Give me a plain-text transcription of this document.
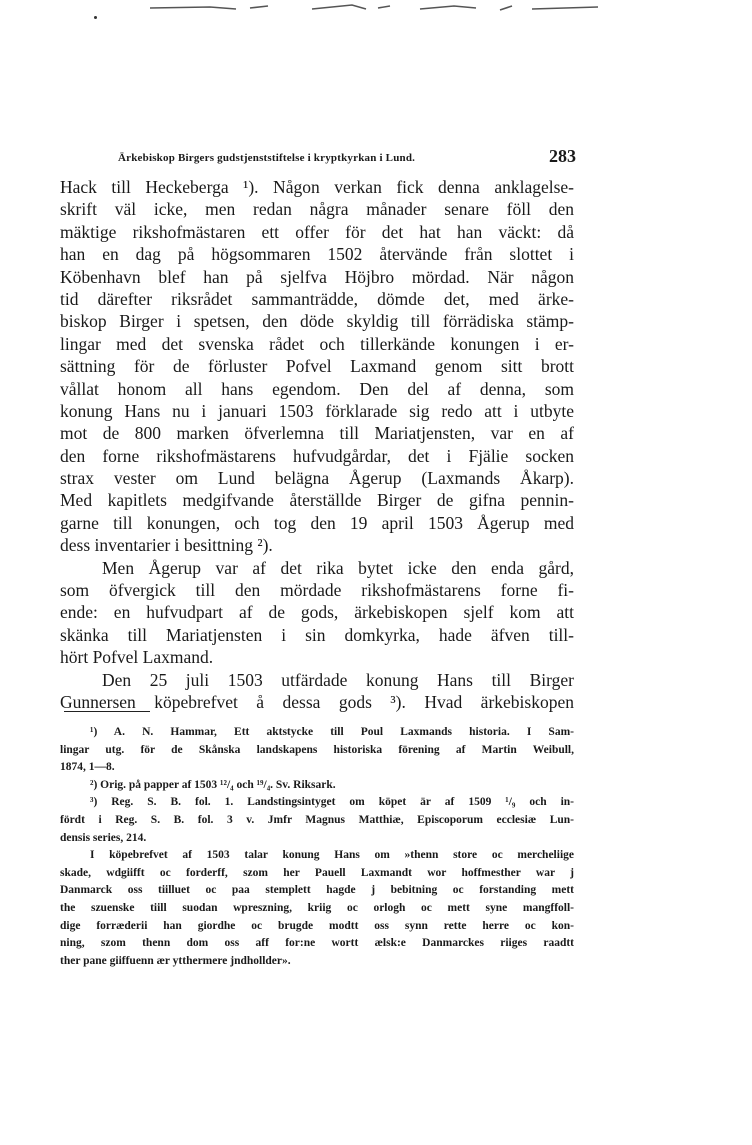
Ärkebiskop Birgers gudstjenststiftelse i kryptkyrkan i Lund.	283
Hack till Heckeberga ¹). Någon verkan fick denna anklagelse-
skrift väl icke, men redan några månader senare föll den
mäktige rikshofmästaren ett offer för det hat han väckt: då
han en dag på högsommaren 1502 återvände från slottet i
Köbenhavn blef han på sjelfva Höjbro mördad. När någon
tid därefter riksrådet sammanträdde, dömde det, med ärke-
biskop Birger i spetsen, den döde skyldig till förrädiska stämp-
lingar med det svenska rådet och tillerkände konungen i er-
sättning för de förluster Pofvel Laxmand genom sitt brott
vållat honom all hans egendom. Den del af denna, som
konung Hans nu i januari 1503 förklarade sig redo att i utbyte
mot de 800 marken öfverlemna till Mariatjensten, var en af
den forne rikshofmästarens hufvudgårdar, det i Fjälie socken
strax vester om Lund belägna Ågerup (Laxmands Åkarp).
Med kapitlets medgifvande återställde Birger de gifna pennin-
garne till konungen, och tog den 19 april 1503 Ågerup med
dess inventarier i besittning ²).
Men Ågerup var af det rika bytet icke den enda gård,
som öfvergick till den mördade rikshofmästarens forne fi-
ende: en hufvudpart af de gods, ärkebiskopen sjelf kom att
skänka till Mariatjensten i sin domkyrka, hade äfven till-
hört Pofvel Laxmand.
Den 25 juli 1503 utfärdade konung Hans till Birger
Gunnersen köpebrefvet å dessa gods ³). Hvad ärkebiskopen
¹) A. N. Hammar, Ett aktstycke till Poul Laxmands historia. I Sam-
lingar utg. för de Skånska landskapens historiska förening af Martin Weibull,
1874, 1—8.
²) Orig. på papper af 1503 ¹²/₄ och ¹⁹/₄. Sv. Riksark.
³) Reg. S. B. fol. 1. Landstingsintyget om köpet är af 1509 ¹/₉ och in-
fördt i Reg. S. B. fol. 3 v. Jmfr Magnus Matthiæ, Episcoporum ecclesiæ Lun-
densis series, 214.
I köpebrefvet af 1503 talar konung Hans om »thenn store oc mercheliige
skade, wdgiifft oc forderff, szom her Pauell Laxmandt wor hoffmesther war j
Danmarck oss tiilluet oc paa stemplett hagde j bebitning oc forstanding mett
the szuenske tiill suodan wpreszning, kriig oc orlogh oc mett syne mangffoll-
dige forræderii han giordhe oc brugde modtt oss synn rette herre oc kon-
ning, szom thenn dom oss aff for:ne wortt ælsk:e Danmarckes riiges raadtt
ther pane giiffuenn ær ytthermere jndhollder».
